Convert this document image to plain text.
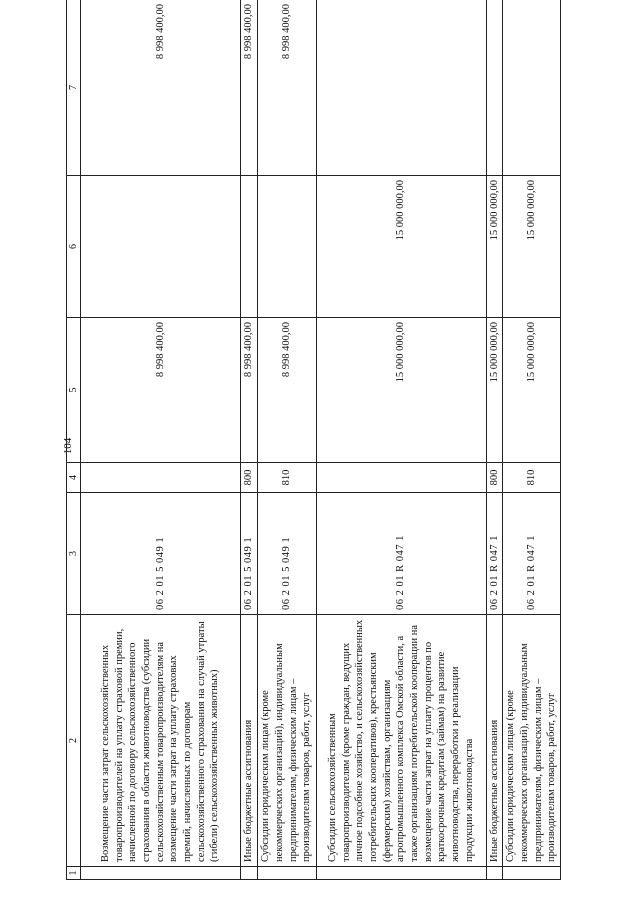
104
1	2	3	4	5	6	7
	Возмещение части затрат сельскохозяйственных товаропроизводителей на уплату страховой премии, начисленной по договору сельскохозяйственного страхования в области животноводства (субсидии сельскохозяйственным товаропроизводителям на возмещение части затрат на уплату страховых премий, начисленных по договорам сельскохозяйственного страхования на случай утраты (гибели) сельскохозяйственных животных)	06 2 01 5 049 1		8 998 400,00		8 998 400,00
	Иные бюджетные ассигнования	06 2 01 5 049 1	800	8 998 400,00		8 998 400,00
	Субсидии юридическим лицам (кроме некоммерческих организаций), индивидуальным предпринимателям, физическим лицам – производителям товаров, работ, услуг	06 2 01 5 049 1	810	8 998 400,00		8 998 400,00
	Субсидии сельскохозяйственным товаропроизводителям (кроме граждан, ведущих личное подсобное хозяйство, и сельскохозяйственных потребительских кооперативов), крестьянским (фермерским) хозяйствам, организациям агропромышленного комплекса Омской области, а также организациям потребительской кооперации на возмещение части затрат на уплату процентов по краткосрочным кредитам (займам) на развитие животноводства, переработки и реализации продукции животноводства	06 2 01 R 047 1		15 000 000,00	15 000 000,00	
	Иные бюджетные ассигнования	06 2 01 R 047 1	800	15 000 000,00	15 000 000,00	
	Субсидии юридическим лицам (кроме некоммерческих организаций), индивидуальным предпринимателям, физическим лицам – производителям товаров, работ, услуг	06 2 01 R 047 1	810	15 000 000,00	15 000 000,00	
